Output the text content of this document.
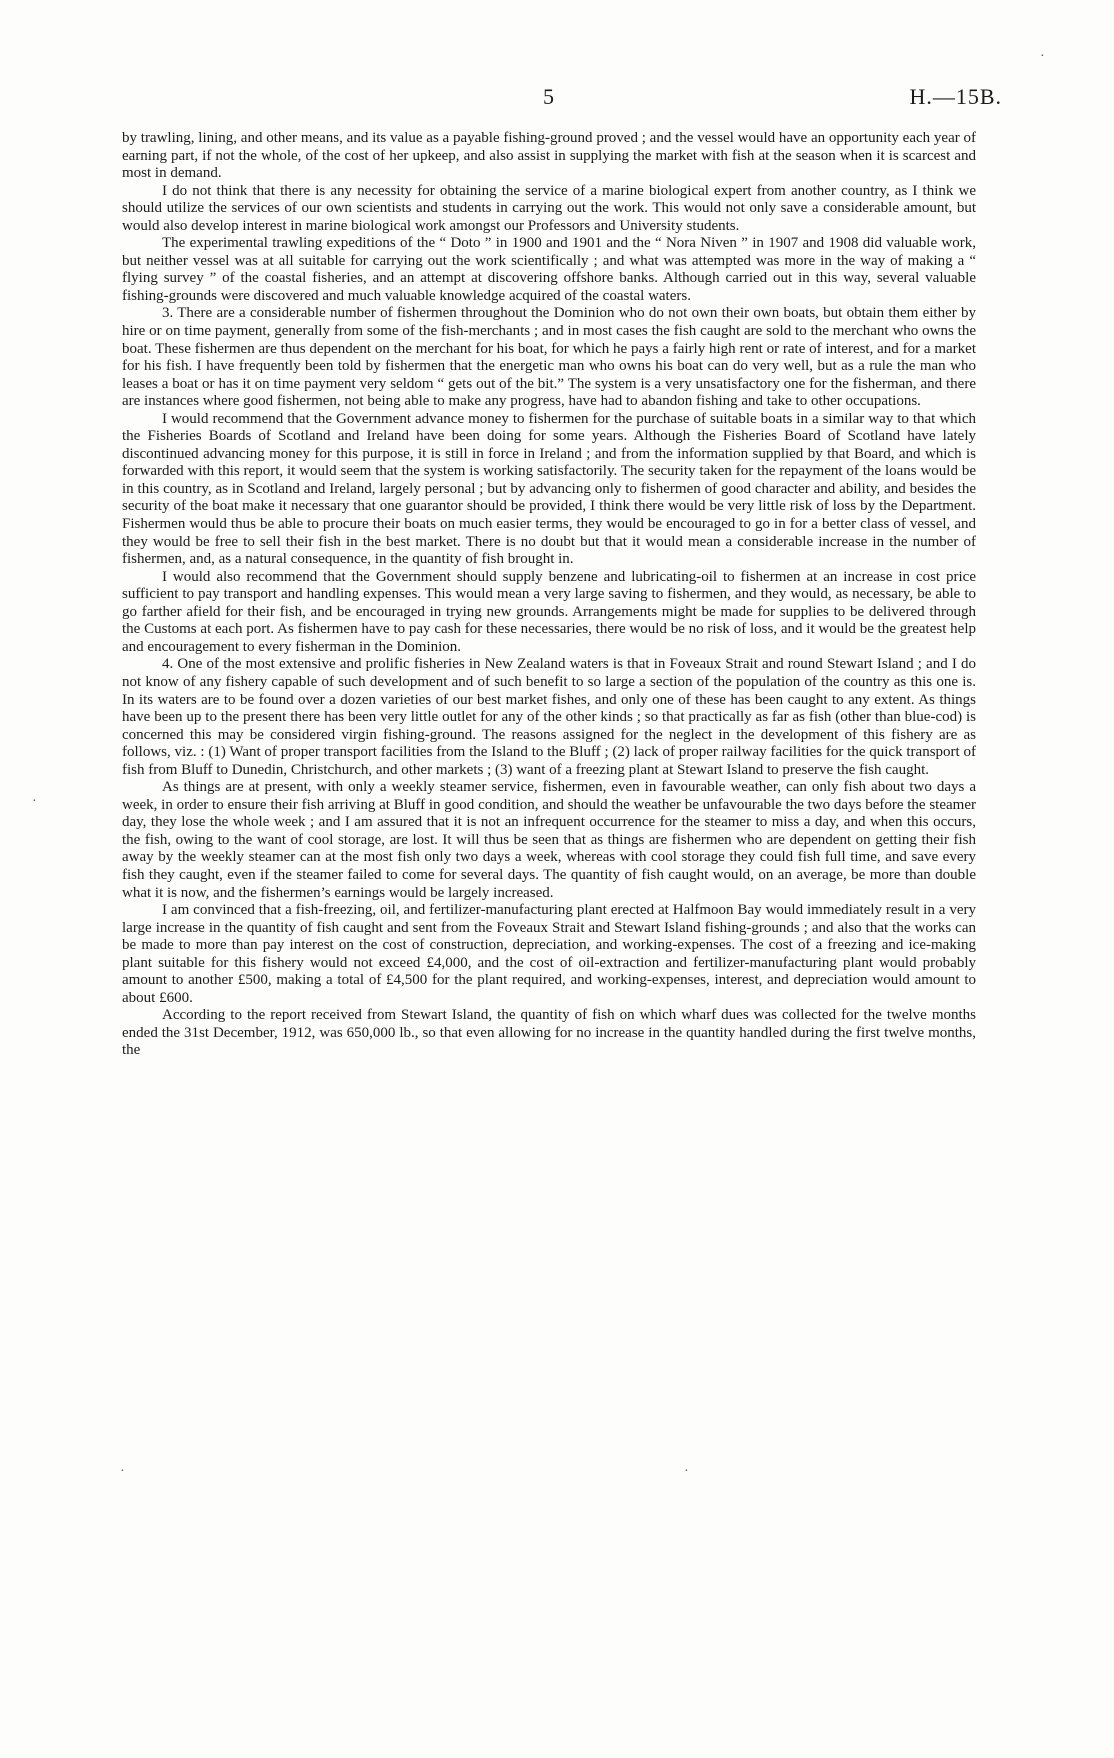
5	H.—15B.

by trawling, lining, and other means, and its value as a payable fishing-ground proved ; and the vessel would have an opportunity each year of earning part, if not the whole, of the cost of her upkeep, and also assist in supplying the market with fish at the season when it is scarcest and most in demand.

I do not think that there is any necessity for obtaining the service of a marine biological expert from another country, as I think we should utilize the services of our own scientists and students in carrying out the work. This would not only save a considerable amount, but would also develop interest in marine biological work amongst our Professors and University students.

The experimental trawling expeditions of the “ Doto ” in 1900 and 1901 and the “ Nora Niven ” in 1907 and 1908 did valuable work, but neither vessel was at all suitable for carrying out the work scientifically ; and what was attempted was more in the way of making a “ flying survey ” of the coastal fisheries, and an attempt at discovering offshore banks. Although carried out in this way, several valuable fishing-grounds were discovered and much valuable knowledge acquired of the coastal waters.

3. There are a considerable number of fishermen throughout the Dominion who do not own their own boats, but obtain them either by hire or on time payment, generally from some of the fish-merchants ; and in most cases the fish caught are sold to the merchant who owns the boat. These fishermen are thus dependent on the merchant for his boat, for which he pays a fairly high rent or rate of interest, and for a market for his fish. I have frequently been told by fishermen that the energetic man who owns his boat can do very well, but as a rule the man who leases a boat or has it on time payment very seldom “ gets out of the bit.” The system is a very unsatisfactory one for the fisherman, and there are instances where good fishermen, not being able to make any progress, have had to abandon fishing and take to other occupations.

I would recommend that the Government advance money to fishermen for the purchase of suitable boats in a similar way to that which the Fisheries Boards of Scotland and Ireland have been doing for some years. Although the Fisheries Board of Scotland have lately discontinued advancing money for this purpose, it is still in force in Ireland ; and from the information supplied by that Board, and which is forwarded with this report, it would seem that the system is working satisfactorily. The security taken for the repayment of the loans would be in this country, as in Scotland and Ireland, largely personal ; but by advancing only to fishermen of good character and ability, and besides the security of the boat make it necessary that one guarantor should be provided, I think there would be very little risk of loss by the Department. Fishermen would thus be able to procure their boats on much easier terms, they would be encouraged to go in for a better class of vessel, and they would be free to sell their fish in the best market. There is no doubt but that it would mean a considerable increase in the number of fishermen, and, as a natural consequence, in the quantity of fish brought in.

I would also recommend that the Government should supply benzene and lubricating-oil to fishermen at an increase in cost price sufficient to pay transport and handling expenses. This would mean a very large saving to fishermen, and they would, as necessary, be able to go farther afield for their fish, and be encouraged in trying new grounds. Arrangements might be made for supplies to be delivered through the Customs at each port. As fishermen have to pay cash for these necessaries, there would be no risk of loss, and it would be the greatest help and encouragement to every fisherman in the Dominion.

4. One of the most extensive and prolific fisheries in New Zealand waters is that in Foveaux Strait and round Stewart Island ; and I do not know of any fishery capable of such development and of such benefit to so large a section of the population of the country as this one is. In its waters are to be found over a dozen varieties of our best market fishes, and only one of these has been caught to any extent. As things have been up to the present there has been very little outlet for any of the other kinds ; so that practically as far as fish (other than blue-cod) is concerned this may be considered virgin fishing-ground. The reasons assigned for the neglect in the development of this fishery are as follows, viz. : (1) Want of proper transport facilities from the Island to the Bluff ; (2) lack of proper railway facilities for the quick transport of fish from Bluff to Dunedin, Christchurch, and other markets ; (3) want of a freezing plant at Stewart Island to preserve the fish caught.

As things are at present, with only a weekly steamer service, fishermen, even in favourable weather, can only fish about two days a week, in order to ensure their fish arriving at Bluff in good condition, and should the weather be unfavourable the two days before the steamer day, they lose the whole week ; and I am assured that it is not an infrequent occurrence for the steamer to miss a day, and when this occurs, the fish, owing to the want of cool storage, are lost. It will thus be seen that as things are fishermen who are dependent on getting their fish away by the weekly steamer can at the most fish only two days a week, whereas with cool storage they could fish full time, and save every fish they caught, even if the steamer failed to come for several days. The quantity of fish caught would, on an average, be more than double what it is now, and the fishermen’s earnings would be largely increased.

I am convinced that a fish-freezing, oil, and fertilizer-manufacturing plant erected at Halfmoon Bay would immediately result in a very large increase in the quantity of fish caught and sent from the Foveaux Strait and Stewart Island fishing-grounds ; and also that the works can be made to more than pay interest on the cost of construction, depreciation, and working-expenses. The cost of a freezing and ice-making plant suitable for this fishery would not exceed £4,000, and the cost of oil-extraction and fertilizer-manufacturing plant would probably amount to another £500, making a total of £4,500 for the plant required, and working-expenses, interest, and depreciation would amount to about £600.

According to the report received from Stewart Island, the quantity of fish on which wharf dues was collected for the twelve months ended the 31st December, 1912, was 650,000 lb., so that even allowing for no increase in the quantity handled during the first twelve months, the

·
·
·	·
